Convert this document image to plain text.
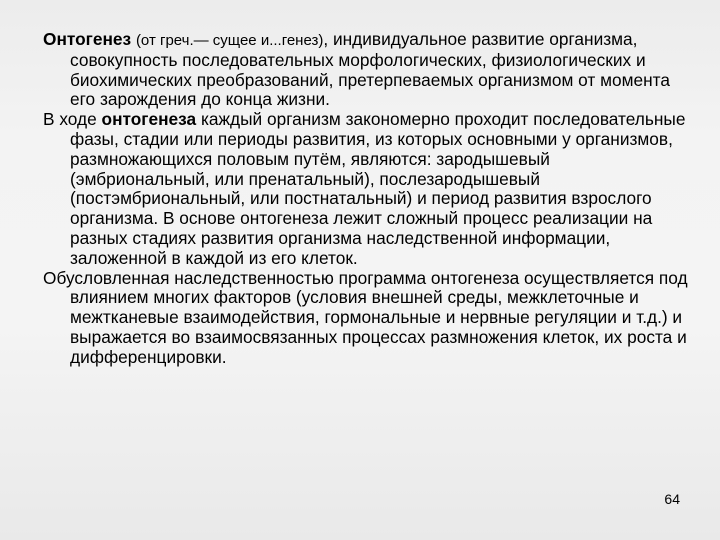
Онтогенез (от греч.— сущее и...генез), индивидуальное развитие организма, совокупность последовательных морфологических, физиологических и биохимических преобразований, претерпеваемых организмом от момента его зарождения до конца жизни.

В ходе онтогенеза каждый организм закономерно проходит последовательные фазы, стадии или периоды развития, из которых основными у организмов, размножающихся половым путём, являются: зародышевый (эмбриональный, или пренатальный), послезародышевый (постэмбриональный, или постнатальный) и период развития взрослого организма. В основе онтогенеза лежит сложный процесс реализации на разных стадиях развития организма наследственной информации, заложенной в каждой из его клеток.

Обусловленная наследственностью программа онтогенеза осуществляется под влиянием многих факторов (условия внешней среды, межклеточные и межтканевые взаимодействия, гормональные и нервные регуляции и т.д.) и выражается во взаимосвязанных процессах размножения клеток, их роста и дифференцировки.

64
